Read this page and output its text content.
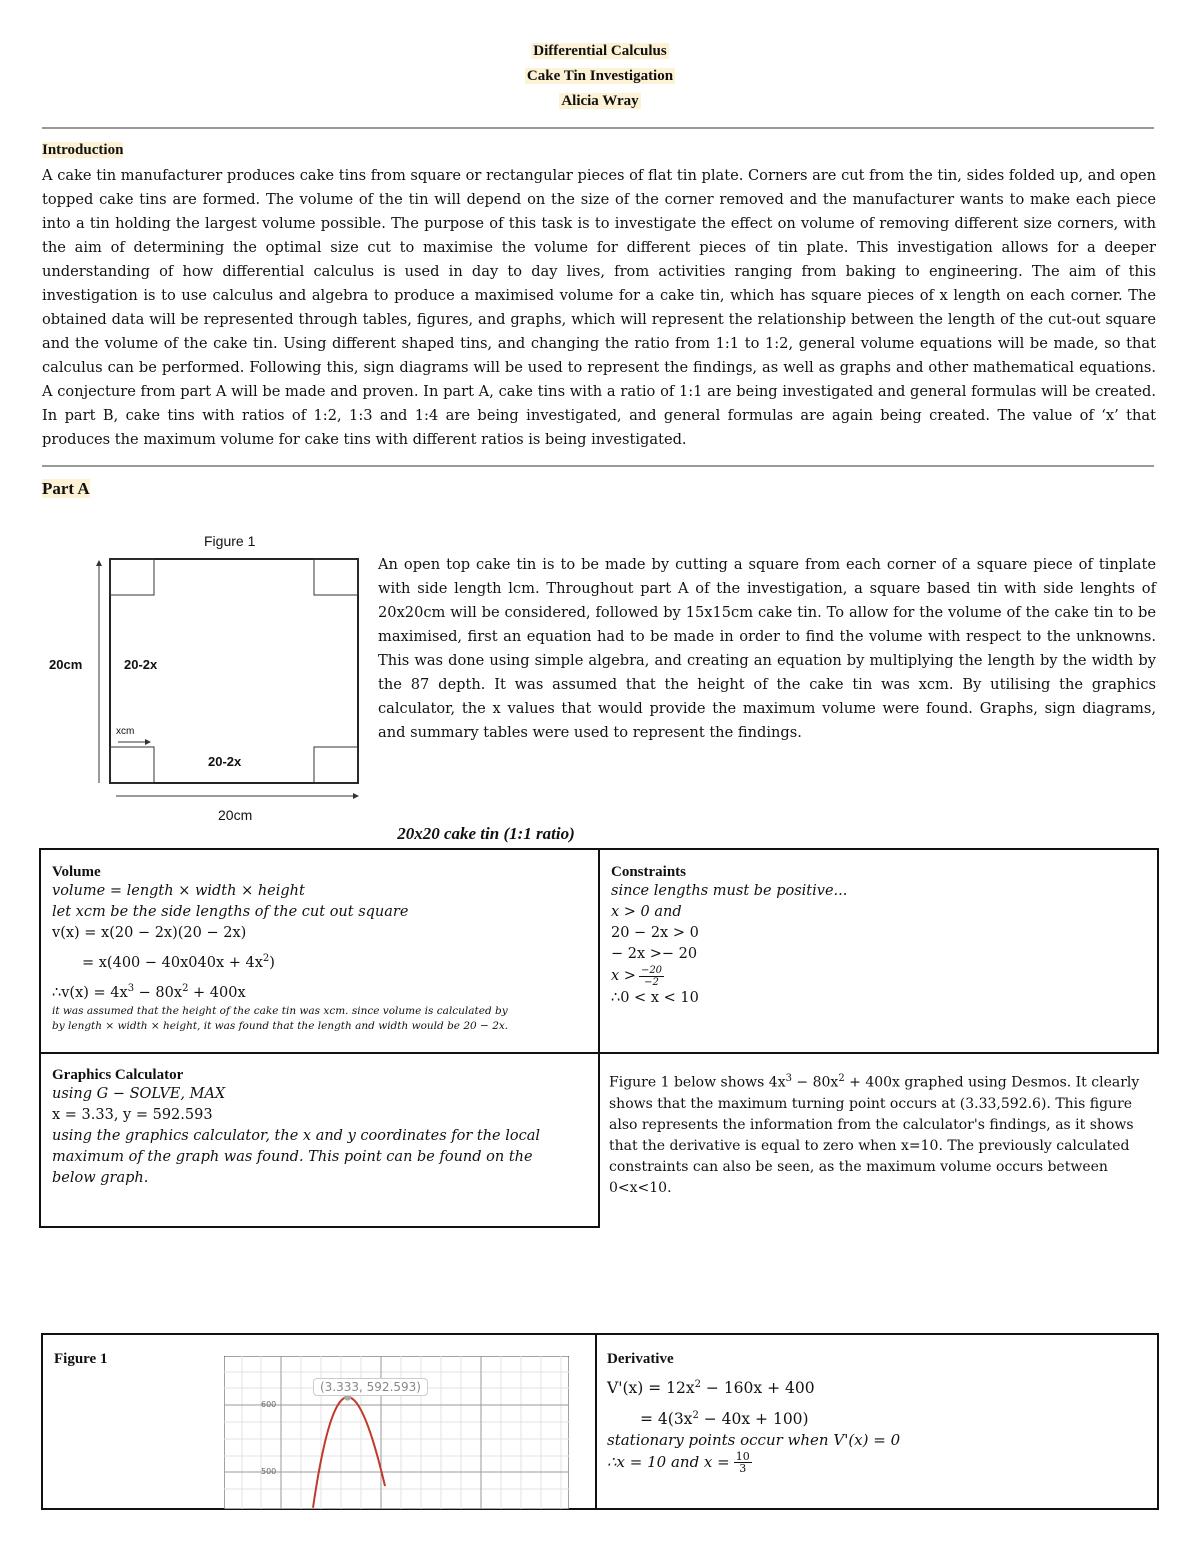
Differential Calculus
Cake Tin Investigation
Alicia Wray
Introduction
A cake tin manufacturer produces cake tins from square or rectangular pieces of flat tin plate. Corners are cut from the tin, sides folded up, and open topped cake tins are formed. The volume of the tin will depend on the size of the corner removed and the manufacturer wants to make each piece into a tin holding the largest volume possible. The purpose of this task is to investigate the effect on volume of removing different size corners, with the aim of determining the optimal size cut to maximise the volume for different pieces of tin plate. This investigation allows for a deeper understanding of how differential calculus is used in day to day lives, from activities ranging from baking to engineering. The aim of this investigation is to use calculus and algebra to produce a maximised volume for a cake tin, which has square pieces of x length on each corner. The obtained data will be represented through tables, figures, and graphs, which will represent the relationship between the length of the cut-out square and the volume of the cake tin. Using different shaped tins, and changing the ratio from 1:1 to 1:2, general volume equations will be made, so that calculus can be performed. Following this, sign diagrams will be used to represent the findings, as well as graphs and other mathematical equations. A conjecture from part A will be made and proven. In part A, cake tins with a ratio of 1:1 are being investigated and general formulas will be created. In part B, cake tins with ratios of 1:2, 1:3 and 1:4 are being investigated, and general formulas are again being created. The value of ‘x’ that produces the maximum volume for cake tins with different ratios is being investigated.
Part A
Figure 1
20cm	20-2x
xcm
20-2x
20cm
An open top cake tin is to be made by cutting a square from each corner of a square piece of tinplate with side length lcm. Throughout part A of the investigation, a square based tin with side lenghts of 20x20cm will be considered, followed by 15x15cm cake tin. To allow for the volume of the cake tin to be maximised, first an equation had to be made in order to find the volume with respect to the unknowns. This was done using simple algebra, and creating an equation by multiplying the length by the width by the 87 depth. It was assumed that the height of the cake tin was xcm. By utilising the graphics calculator, the x values that would provide the maximum volume were found. Graphs, sign diagrams, and summary tables were used to represent the findings.
20x20 cake tin (1:1 ratio)
Volume
volume = length × width × height
let xcm be the side lengths of the cut out square
v(x) = x(20 − 2x)(20 − 2x)
= $x(400 - 40x040x + 4x^2)$
∴v(x) = $4x^3 - 80x^2 + 400x$
it was assumed that the height of the cake tin was xcm. since volume is calculated by
by length × width × height, it was found that the length and width would be 20 − 2x.
Constraints
since lengths must be positive...
x > 0 and
20 − 2x > 0
− 2x >− 20
x > −20
−2
∴0 < x < 10
Graphics Calculator
using G − SOLVE, MAX
x = 3.33, y = 592.593
using the graphics calculator, the x and y coordinates for the local maximum of the graph was found. This point can be found on the below graph.
Figure 1 below shows $4x^3 - 80x^2 + 400x$ graphed using Desmos. It clearly shows that the maximum turning point occurs at (3.33,592.6). This figure also represents the information from the calculator's findings, as it shows that the derivative is equal to zero when x=10. The previously calculated constraints can also be seen, as the maximum volume occurs between 0<x<10.
Figure 1
(3.333, 592.593)
600
500
Derivative
$V'(x) = 12x^2 - 160x + 400$
= $4(3x^2 - 40x + 100)$
stationary points occur when V'(x) = 0
∴x = 10 and $x = \frac{10}{3}$
